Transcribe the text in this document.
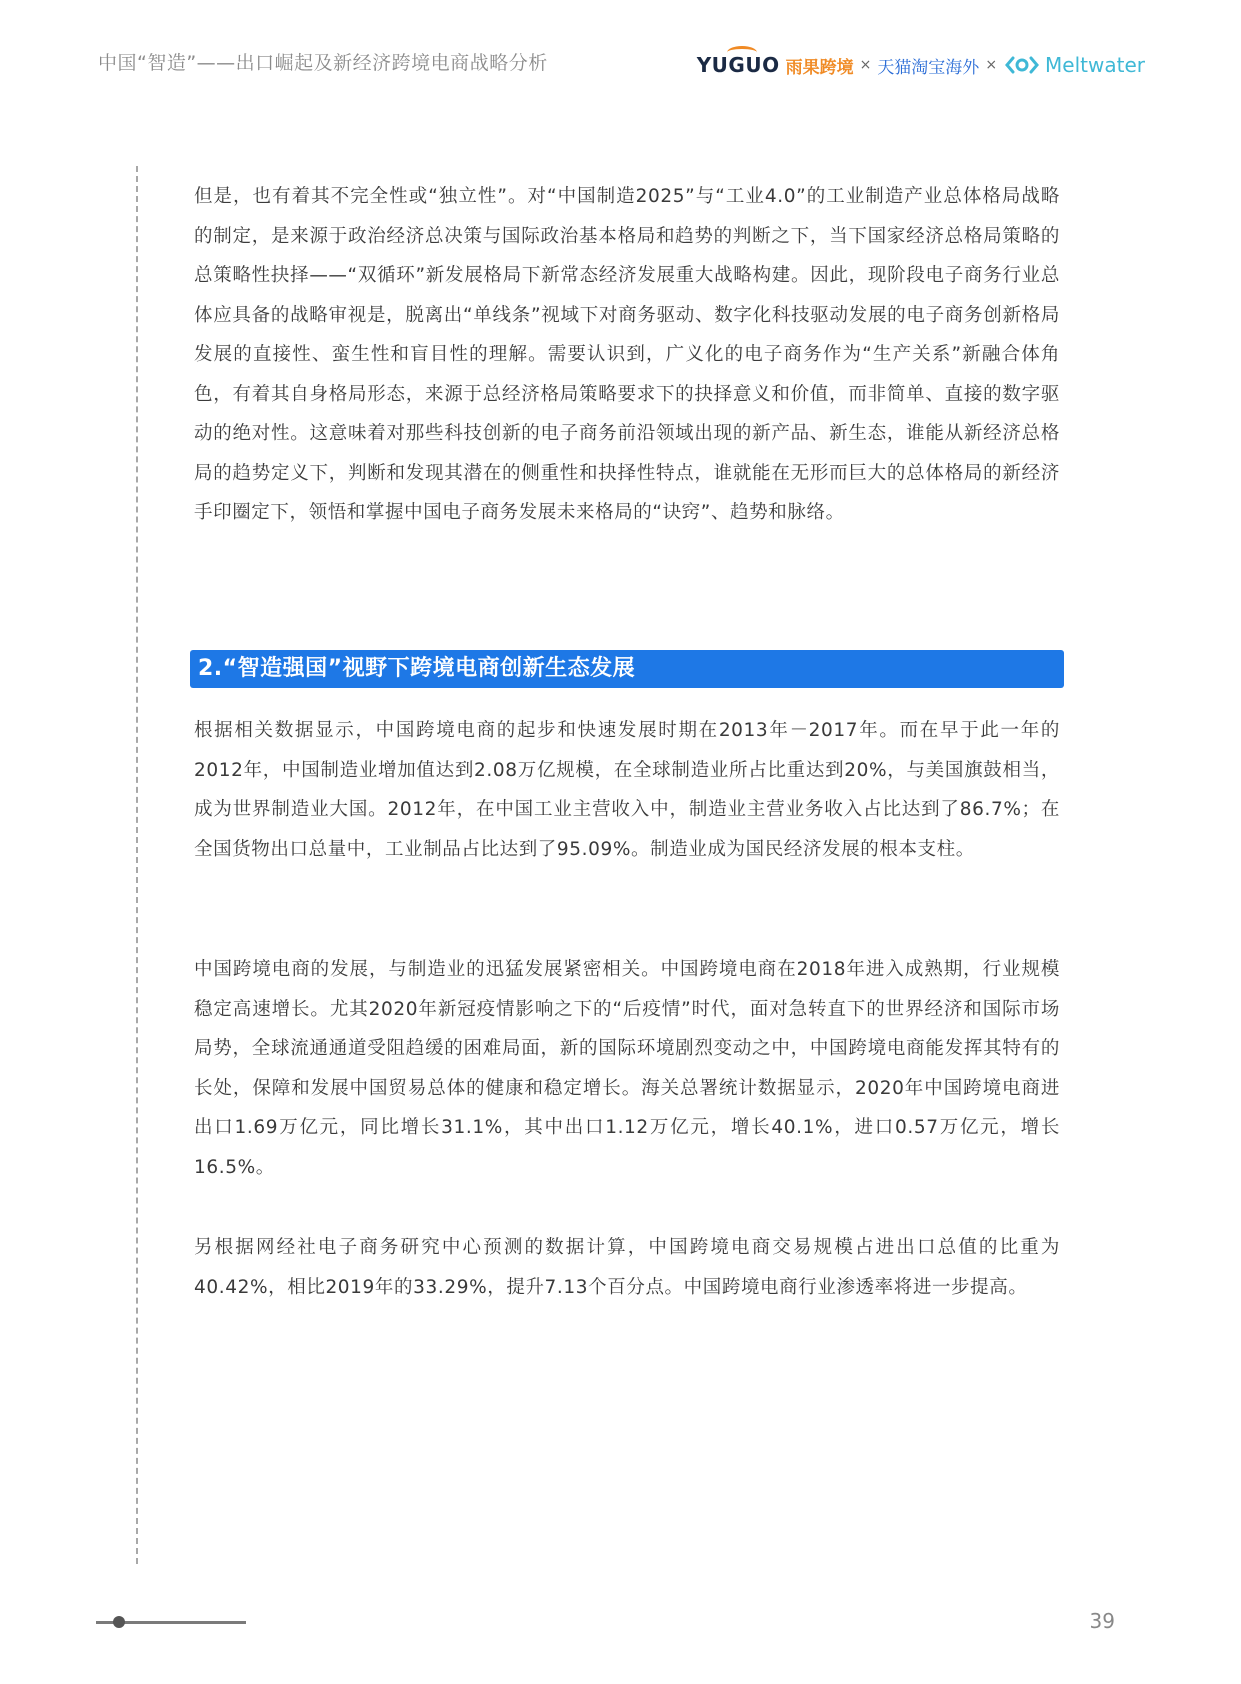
中国“智造”——出口崛起及新经济跨境电商战略分析	YUGUO 雨果跨境 × 天猫淘宝海外 × Meltwater

但是，也有着其不完全性或“独立性”。对“中国制造2025”与“工业4.0”的工业制造产业总体格局战略的制定，是来源于政治经济总决策与国际政治基本格局和趋势的判断之下，当下国家经济总格局策略的总策略性抉择——“双循环”新发展格局下新常态经济发展重大战略构建。因此，现阶段电子商务行业总体应具备的战略审视是，脱离出“单线条”视域下对商务驱动、数字化科技驱动发展的电子商务创新格局发展的直接性、蛮生性和盲目性的理解。需要认识到，广义化的电子商务作为“生产关系”新融合体角色，有着其自身格局形态，来源于总经济格局策略要求下的抉择意义和价值，而非简单、直接的数字驱动的绝对性。这意味着对那些科技创新的电子商务前沿领域出现的新产品、新生态，谁能从新经济总格局的趋势定义下，判断和发现其潜在的侧重性和抉择性特点，谁就能在无形而巨大的总体格局的新经济手印圈定下，领悟和掌握中国电子商务发展未来格局的“诀窍”、趋势和脉络。

2.“智造强国”视野下跨境电商创新生态发展

根据相关数据显示，中国跨境电商的起步和快速发展时期在2013年－2017年。而在早于此一年的2012年，中国制造业增加值达到2.08万亿规模，在全球制造业所占比重达到20%，与美国旗鼓相当，成为世界制造业大国。2012年，在中国工业主营收入中，制造业主营业务收入占比达到了86.7%；在全国货物出口总量中，工业制品占比达到了95.09%。制造业成为国民经济发展的根本支柱。

中国跨境电商的发展，与制造业的迅猛发展紧密相关。中国跨境电商在2018年进入成熟期，行业规模稳定高速增长。尤其2020年新冠疫情影响之下的“后疫情”时代，面对急转直下的世界经济和国际市场局势，全球流通通道受阻趋缓的困难局面，新的国际环境剧烈变动之中，中国跨境电商能发挥其特有的长处，保障和发展中国贸易总体的健康和稳定增长。海关总署统计数据显示，2020年中国跨境电商进出口1.69万亿元，同比增长31.1%，其中出口1.12万亿元，增长40.1%，进口0.57万亿元，增长16.5%。

另根据网经社电子商务研究中心预测的数据计算，中国跨境电商交易规模占进出口总值的比重为40.42%，相比2019年的33.29%，提升7.13个百分点。中国跨境电商行业渗透率将进一步提高。

39
